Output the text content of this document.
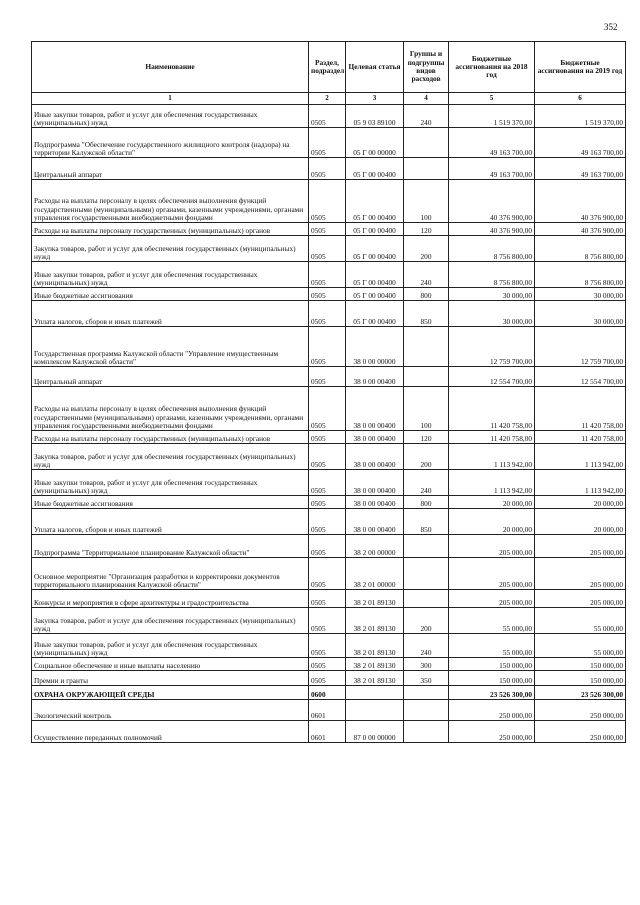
352
Наименование	Раздел, подраздел	Целевая статья	Группы и подгруппы видов расходов	Бюджетные ассигнования на 2018 год	Бюджетные ассигнования на 2019 год
1	2	3	4	5	6
Иные закупки товаров, работ и услуг для обеспечения государственных (муниципальных) нужд	0505	05 9 03 89100	240	1 519 370,00	1 519 370,00
Подпрограмма "Обеспечение государственного жилищного контроля (надзора) на территории Калужской области"	0505	05 Г 00 00000		49 163 700,00	49 163 700,00
Центральный аппарат	0505	05 Г 00 00400		49 163 700,00	49 163 700,00
Расходы на выплаты персоналу в целях обеспечения выполнения функций государственными (муниципальными) органами, казенными учреждениями, органами управления государственными внебюджетными фондами	0505	05 Г 00 00400	100	40 376 900,00	40 376 900,00
Расходы на выплаты персоналу государственных (муниципальных) органов	0505	05 Г 00 00400	120	40 376 900,00	40 376 900,00
Закупка товаров, работ и услуг для обеспечения государственных (муниципальных) нужд	0505	05 Г 00 00400	200	8 756 800,00	8 756 800,00
Иные закупки товаров, работ и услуг для обеспечения государственных (муниципальных) нужд	0505	05 Г 00 00400	240	8 756 800,00	8 756 800,00
Иные бюджетные ассигнования	0505	05 Г 00 00400	800	30 000,00	30 000,00
Уплата налогов, сборов и иных платежей	0505	05 Г 00 00400	850	30 000,00	30 000,00
Государственная программа Калужской области "Управление имущественным комплексом Калужской области"	0505	38 0 00 00000		12 759 700,00	12 759 700,00
Центральный аппарат	0505	38 0 00 00400		12 554 700,00	12 554 700,00
Расходы на выплаты персоналу в целях обеспечения выполнения функций государственными (муниципальными) органами, казенными учреждениями, органами управления государственными внебюджетными фондами	0505	38 0 00 00400	100	11 420 758,00	11 420 758,00
Расходы на выплаты персоналу государственных (муниципальных) органов	0505	38 0 00 00400	120	11 420 758,00	11 420 758,00
Закупка товаров, работ и услуг для обеспечения государственных (муниципальных) нужд	0505	38 0 00 00400	200	1 113 942,00	1 113 942,00
Иные закупки товаров, работ и услуг для обеспечения государственных (муниципальных) нужд	0505	38 0 00 00400	240	1 113 942,00	1 113 942,00
Иные бюджетные ассигнования	0505	38 0 00 00400	800	20 000,00	20 000,00
Уплата налогов, сборов и иных платежей	0505	38 0 00 00400	850	20 000,00	20 000,00
Подпрограмма "Территориальное планирование Калужской области"	0505	38 2 00 00000		205 000,00	205 000,00
Основное мероприятие "Организация разработки и корректировки документов территориального планирования Калужской области"	0505	38 2 01 00000		205 000,00	205 000,00
Конкурсы и мероприятия в сфере архитектуры и градостроительства	0505	38 2 01 89130		205 000,00	205 000,00
Закупка товаров, работ и услуг для обеспечения государственных (муниципальных) нужд	0505	38 2 01 89130	200	55 000,00	55 000,00
Иные закупки товаров, работ и услуг для обеспечения государственных (муниципальных) нужд	0505	38 2 01 89130	240	55 000,00	55 000,00
Социальное обеспечение и иные выплаты населению	0505	38 2 01 89130	300	150 000,00	150 000,00
Премии и гранты	0505	38 2 01 89130	350	150 000,00	150 000,00
ОХРАНА ОКРУЖАЮЩЕЙ СРЕДЫ	0600			23 526 300,00	23 526 300,00
Экологический контроль	0601			250 000,00	250 000,00
Осуществление переданных полномочий	0601	87 0 00 00000		250 000,00	250 000,00
